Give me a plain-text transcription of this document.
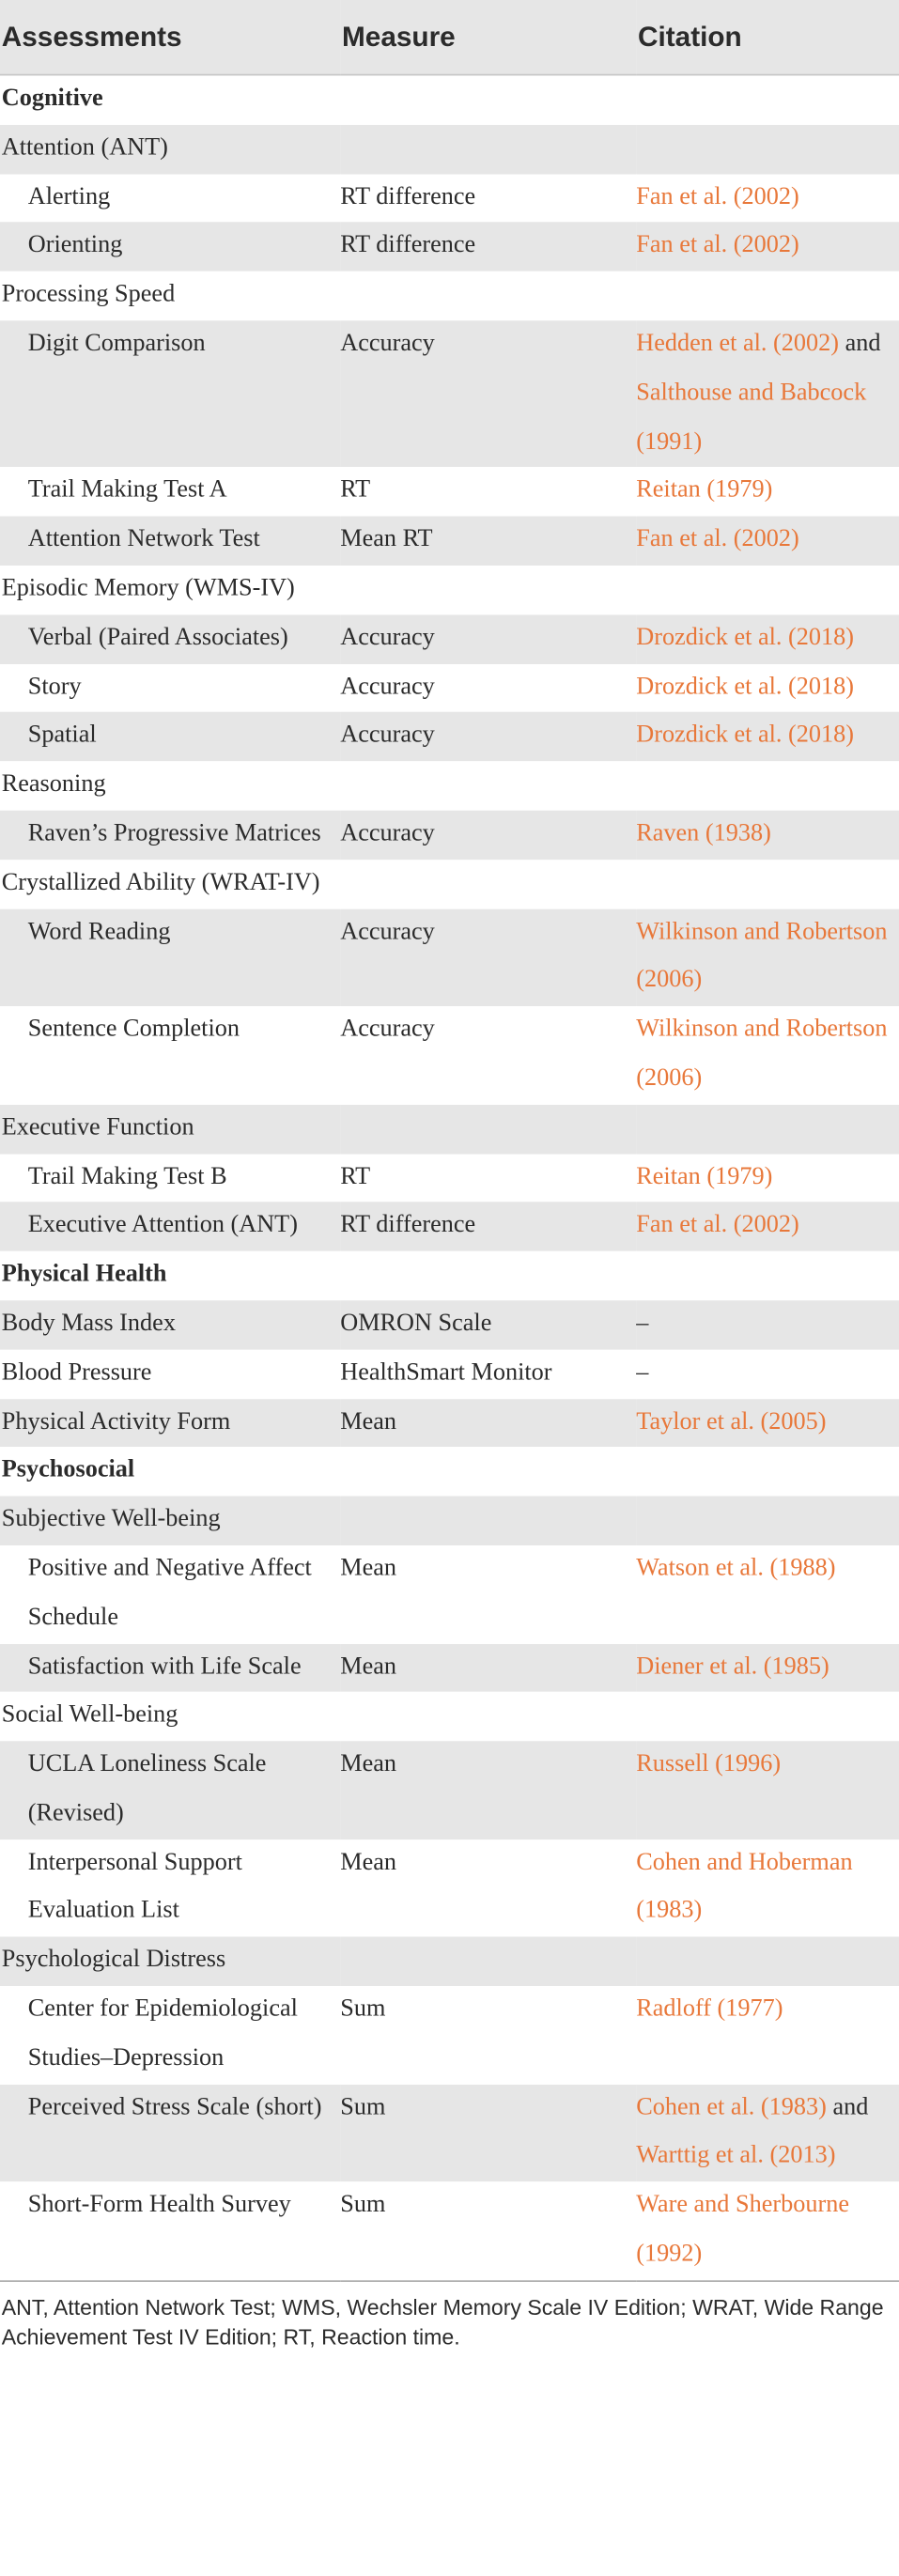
Assessments	Measure	Citation
Cognitive		
Attention (ANT)		
Alerting	RT difference	Fan et al. (2002)
Orienting	RT difference	Fan et al. (2002)
Processing Speed		
Digit Comparison	Accuracy	Hedden et al. (2002) and Salthouse and Babcock (1991)
Trail Making Test A	RT	Reitan (1979)
Attention Network Test	Mean RT	Fan et al. (2002)
Episodic Memory (WMS-IV)		
Verbal (Paired Associates)	Accuracy	Drozdick et al. (2018)
Story	Accuracy	Drozdick et al. (2018)
Spatial	Accuracy	Drozdick et al. (2018)
Reasoning		
Raven’s Progressive Matrices	Accuracy	Raven (1938)
Crystallized Ability (WRAT-IV)		
Word Reading	Accuracy	Wilkinson and Robertson (2006)
Sentence Completion	Accuracy	Wilkinson and Robertson (2006)
Executive Function		
Trail Making Test B	RT	Reitan (1979)
Executive Attention (ANT)	RT difference	Fan et al. (2002)
Physical Health		
Body Mass Index	OMRON Scale	–
Blood Pressure	HealthSmart Monitor	–
Physical Activity Form	Mean	Taylor et al. (2005)
Psychosocial		
Subjective Well-being		
Positive and Negative Affect Schedule	Mean	Watson et al. (1988)
Satisfaction with Life Scale	Mean	Diener et al. (1985)
Social Well-being		
UCLA Loneliness Scale (Revised)	Mean	Russell (1996)
Interpersonal Support Evaluation List	Mean	Cohen and Hoberman (1983)
Psychological Distress		
Center for Epidemiological Studies–Depression	Sum	Radloff (1977)
Perceived Stress Scale (short)	Sum	Cohen et al. (1983) and Warttig et al. (2013)
Short-Form Health Survey	Sum	Ware and Sherbourne (1992)
ANT, Attention Network Test; WMS, Wechsler Memory Scale IV Edition; WRAT, Wide Range Achievement Test IV Edition; RT, Reaction time.		
